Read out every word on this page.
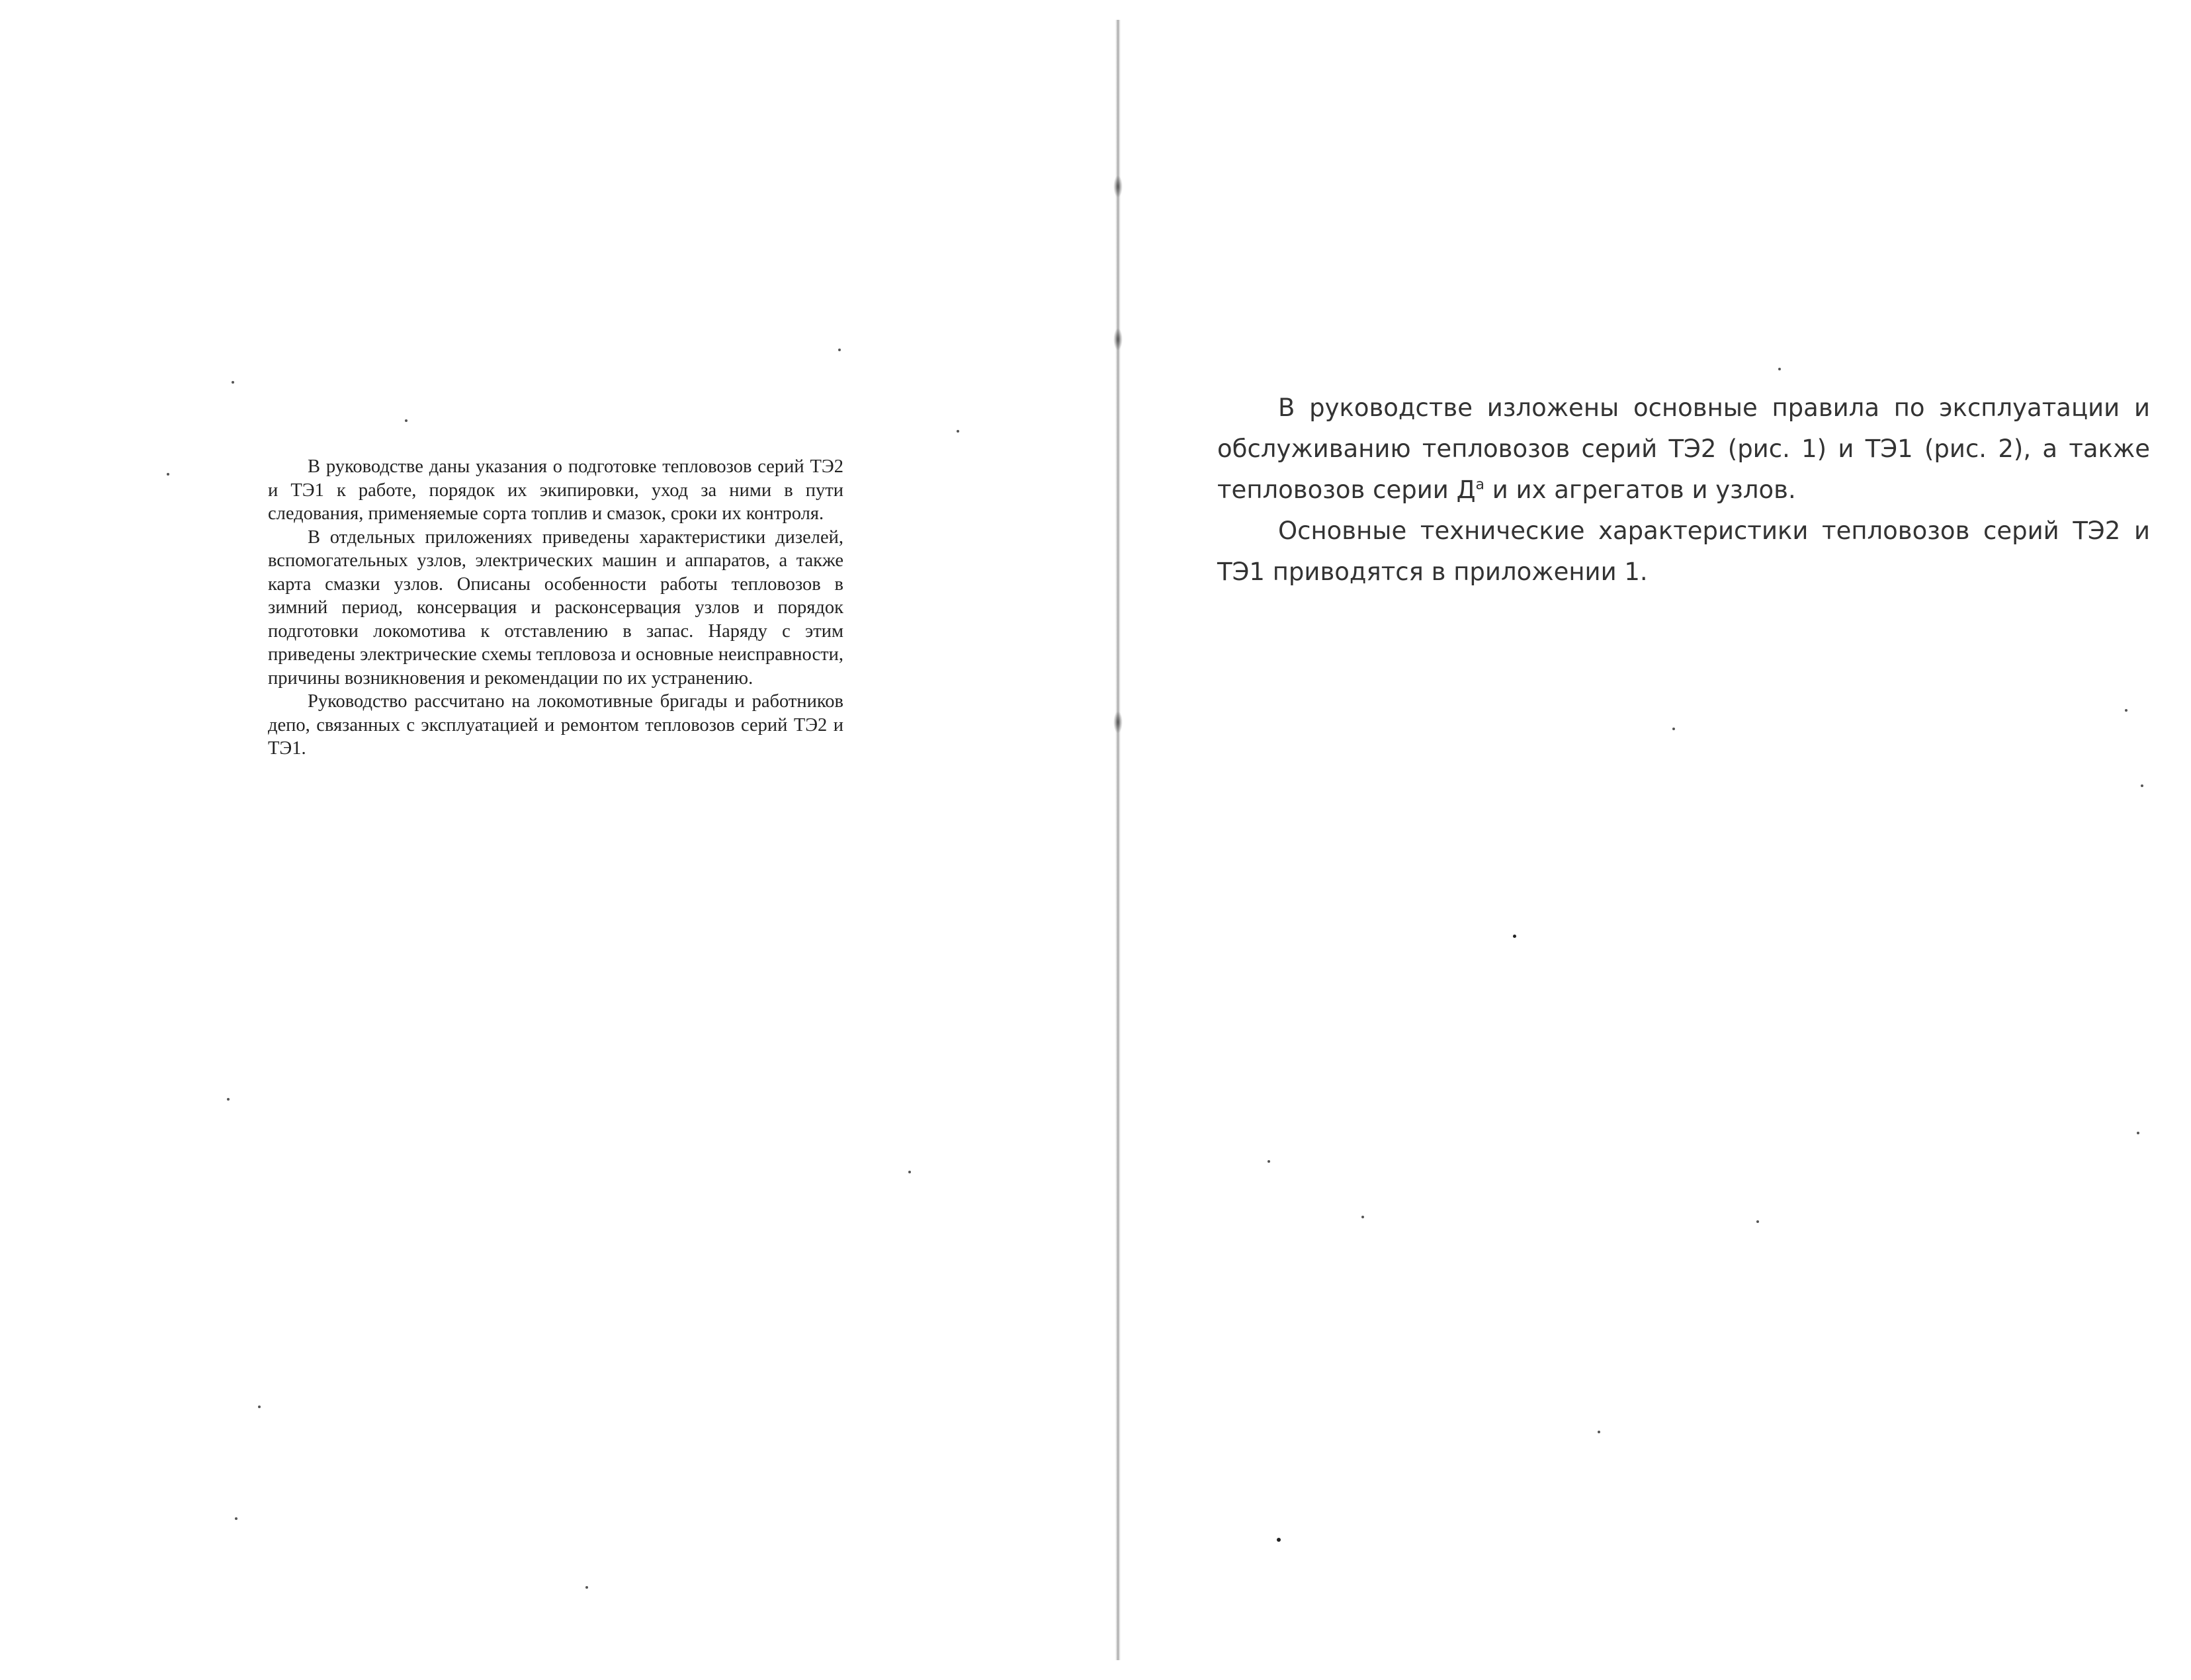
В руководстве даны указания о подготовке тепловозов серий ТЭ2 и ТЭ1 к работе, порядок их экипировки, уход за ними в пути следования, применяемые сорта топлив и смазок, сроки их контроля.

В отдельных приложениях приведены характеристики дизелей, вспомогательных узлов, электрических машин и аппаратов, а также карта смазки узлов. Описаны особенности работы тепловозов в зимний период, консервация и расконсервация узлов и порядок подготовки локомотива к отставлению в запас. Наряду с этим приведены электрические схемы тепловоза и основные неисправности, причины возникновения и рекомендации по их устранению.

Руководство рассчитано на локомотивные бригады и работников депо, связанных с эксплуатацией и ремонтом тепловозов серий ТЭ2 и ТЭ1.

В руководстве изложены основные правила по эксплуатации и обслуживанию тепловозов серий ТЭ2 (рис. 1) и ТЭ1 (рис. 2), а также тепловозов серии $Д^а$ и их агрегатов и узлов.

Основные технические характеристики тепловозов серий ТЭ2 и ТЭ1 приводятся в приложении 1.
